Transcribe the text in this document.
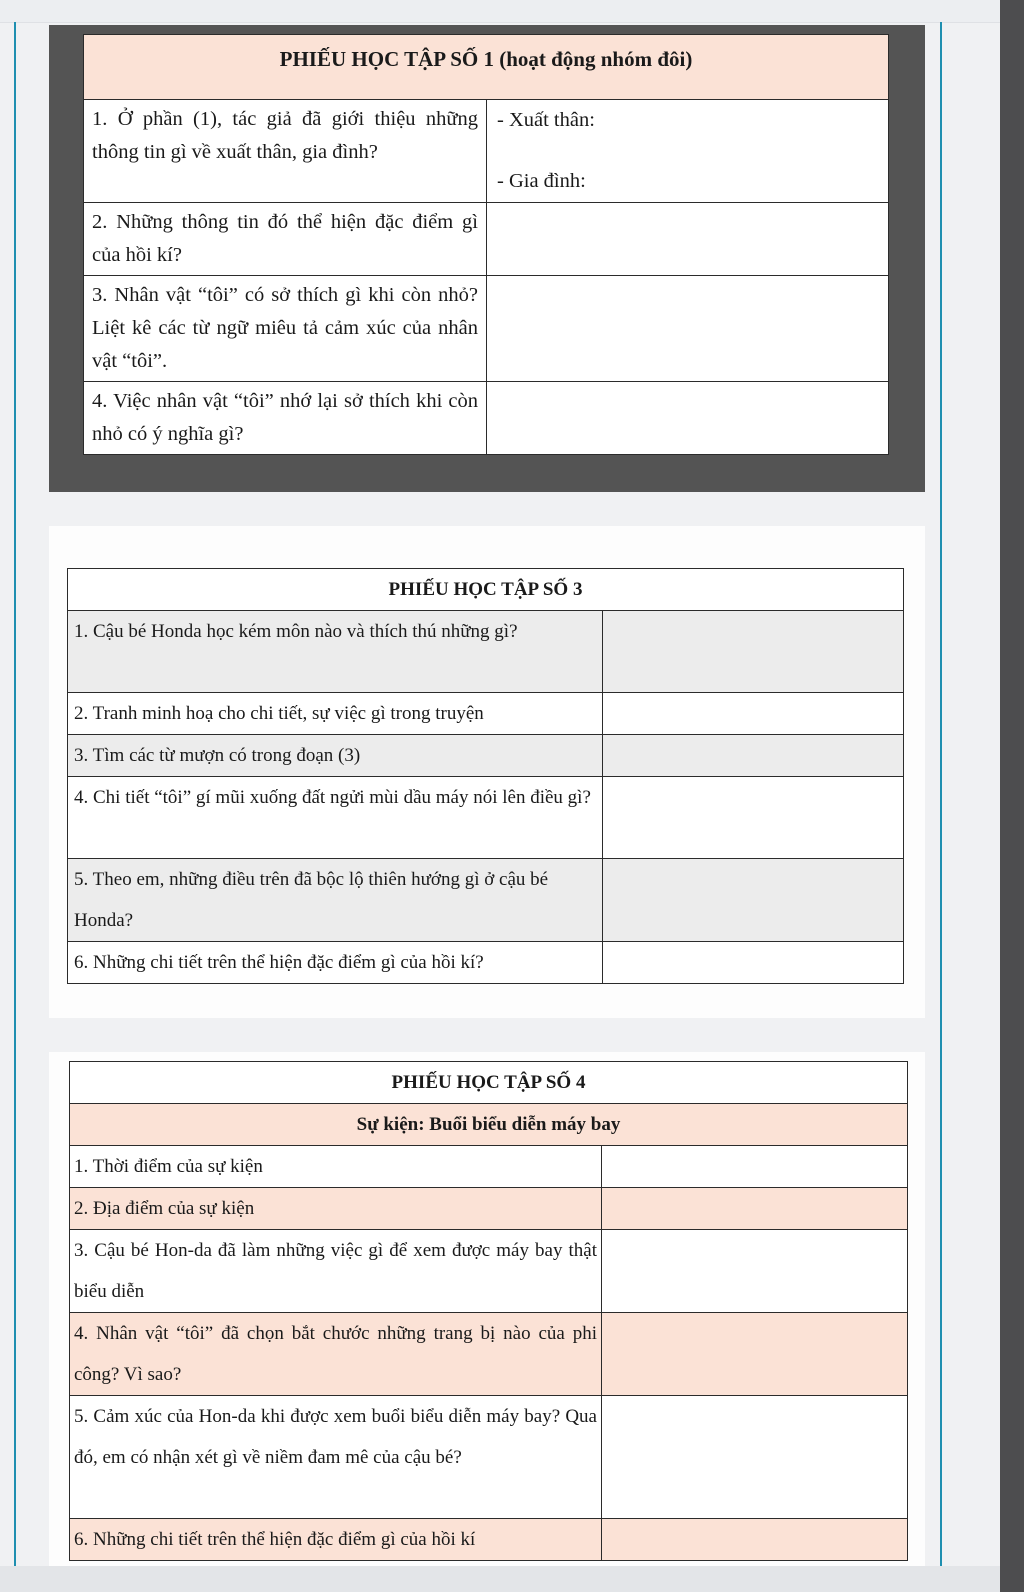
PHIẾU HỌC TẬP SỐ 1 (hoạt động nhóm đôi)	
1. Ở phần (1), tác giả đã giới thiệu những thông tin gì về xuất thân, gia đình?	- Xuất thân:
- Gia đình:

2. Những thông tin đó thể hiện đặc điểm gì của hồi kí?	
3. Nhân vật “tôi” có sở thích gì khi còn nhỏ? Liệt kê các từ ngữ miêu tả cảm xúc của nhân vật “tôi”.	
4. Việc nhân vật “tôi” nhớ lại sở thích khi còn nhỏ có ý nghĩa gì?	
PHIẾU HỌC TẬP SỐ 3	
1. Cậu bé Honda học kém môn nào và thích thú những gì?	
2. Tranh minh hoạ cho chi tiết, sự việc gì trong truyện	
3. Tìm các từ mượn có trong đoạn (3)	
4. Chi tiết “tôi” gí mũi xuống đất ngửi mùi dầu máy nói lên điều gì?	
5. Theo em, những điều trên đã bộc lộ thiên hướng gì ở cậu bé Honda?	
6. Những chi tiết trên thể hiện đặc điểm gì của hồi kí?	
PHIẾU HỌC TẬP SỐ 4	
Sự kiện: Buổi biểu diễn máy bay	
1. Thời điểm của sự kiện	
2. Địa điểm của sự kiện	
3. Cậu bé Hon-da đã làm những việc gì để xem được máy bay thật biểu diễn	
4. Nhân vật “tôi” đã chọn bắt chước những trang bị nào của phi công? Vì sao?	
5. Cảm xúc của Hon-da khi được xem buổi biểu diễn máy bay? Qua đó, em có nhận xét gì về niềm đam mê của cậu bé?	
6. Những chi tiết trên thể hiện đặc điểm gì của hồi kí	
